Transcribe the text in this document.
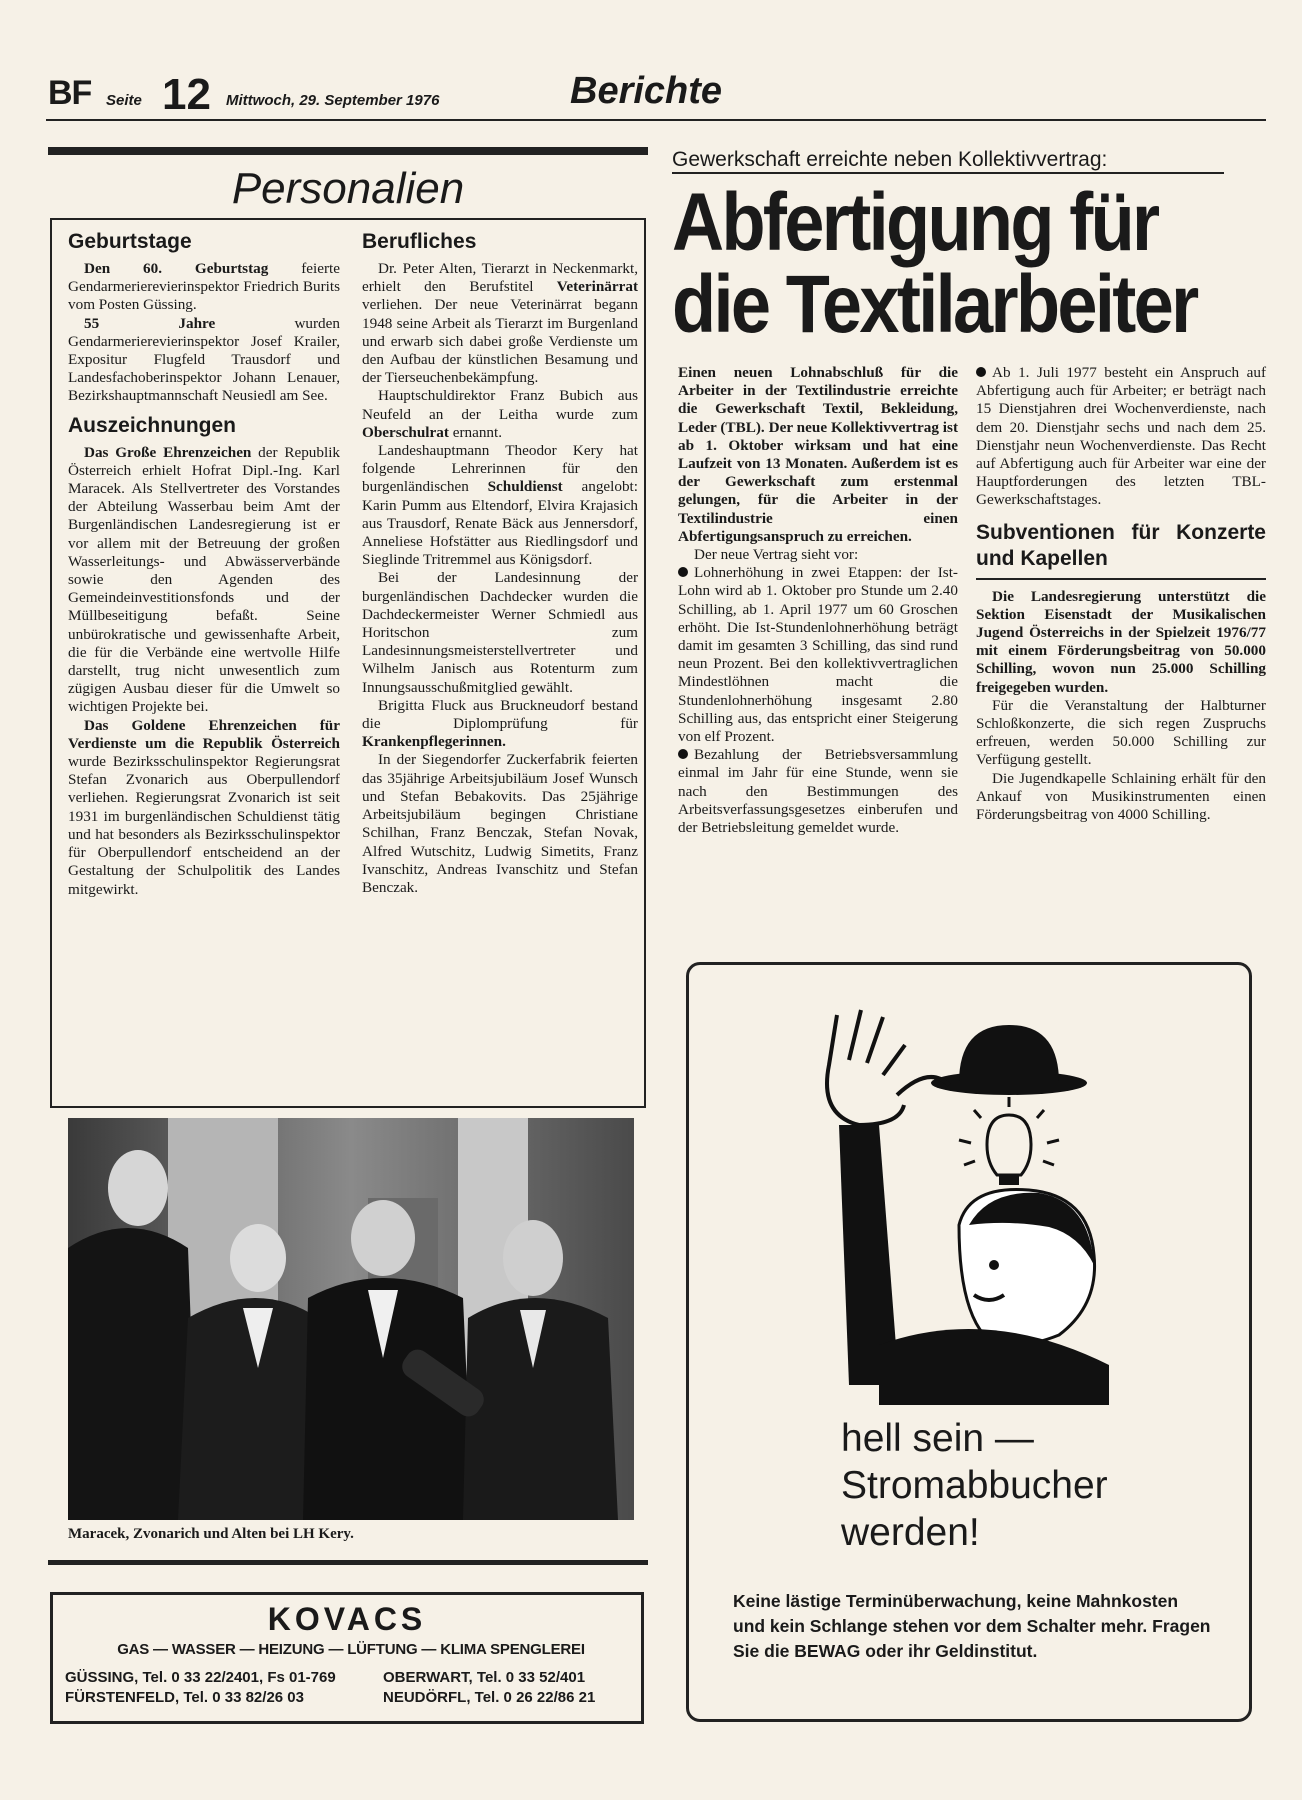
BF Seite 12 Mittwoch, 29. September 1976	Berichte
Personalien
Geburtstage

Den 60. Geburtstag feierte Gendarmerierevierinspektor Friedrich Burits vom Posten Güssing.

55 Jahre wurden Gendarmerierevierinspektor Josef Krailer, Expositur Flugfeld Trausdorf und Landesfachoberinspektor Johann Lenauer, Bezirkshauptmannschaft Neusiedl am See.

Auszeichnungen

Das Große Ehrenzeichen der Republik Österreich erhielt Hofrat Dipl.-Ing. Karl Maracek. Als Stellvertreter des Vorstandes der Abteilung Wasserbau beim Amt der Burgenländischen Landesregierung ist er vor allem mit der Betreuung der großen Wasserleitungs- und Abwässerverbände sowie den Agenden des Gemeindeinvestitionsfonds und der Müllbeseitigung befaßt. Seine unbürokratische und gewissenhafte Arbeit, die für die Verbände eine wertvolle Hilfe darstellt, trug nicht unwesentlich zum zügigen Ausbau dieser für die Umwelt so wichtigen Projekte bei.

Das Goldene Ehrenzeichen für Verdienste um die Republik Österreich wurde Bezirksschulinspektor Regierungsrat Stefan Zvonarich aus Oberpullendorf verliehen. Regierungsrat Zvonarich ist seit 1931 im burgenländischen Schuldienst tätig und hat besonders als Bezirksschulinspektor für Oberpullendorf entscheidend an der Gestaltung der Schulpolitik des Landes mitgewirkt.

Berufliches

Dr. Peter Alten, Tierarzt in Neckenmarkt, erhielt den Berufstitel Veterinärrat verliehen. Der neue Veterinärrat begann 1948 seine Arbeit als Tierarzt im Burgenland und erwarb sich dabei große Verdienste um den Aufbau der künstlichen Besamung und der Tierseuchenbekämpfung.

Hauptschuldirektor Franz Bubich aus Neufeld an der Leitha wurde zum Oberschulrat ernannt.

Landeshauptmann Theodor Kery hat folgende Lehrerinnen für den burgenländischen Schuldienst angelobt: Karin Pumm aus Eltendorf, Elvira Krajasich aus Trausdorf, Renate Bäck aus Jennersdorf, Anneliese Hofstätter aus Riedlingsdorf und Sieglinde Tritremmel aus Königsdorf.

Bei der Landesinnung der burgenländischen Dachdecker wurden die Dachdeckermeister Werner Schmiedl aus Horitschon zum Landesinnungsmeisterstellvertreter und Wilhelm Janisch aus Rotenturm zum Innungsausschußmitglied gewählt.

Brigitta Fluck aus Bruckneudorf bestand die Diplomprüfung für Krankenpflegerinnen.

In der Siegendorfer Zuckerfabrik feierten das 35jährige Arbeitsjubiläum Josef Wunsch und Stefan Bebakovits. Das 25jährige Arbeitsjubiläum begingen Christiane Schilhan, Franz Benczak, Stefan Novak, Alfred Wutschitz, Ludwig Simetits, Franz Ivanschitz, Andreas Ivanschitz und Stefan Benczak.

Maracek, Zvonarich und Alten bei LH Kery.
KOVACS
GAS — WASSER — HEIZUNG — LÜFTUNG — KLIMA SPENGLEREI
GÜSSING, Tel. 0 33 22/2401, Fs 01-769	OBERWART, Tel. 0 33 52/401
FÜRSTENFELD, Tel. 0 33 82/26 03	NEUDÖRFL, Tel. 0 26 22/86 21
Gewerkschaft erreichte neben Kollektivvertrag:
Abfertigung für
die Textilarbeiter

Einen neuen Lohnabschluß für die Arbeiter in der Textilindustrie erreichte die Gewerkschaft Textil, Bekleidung, Leder (TBL). Der neue Kollektivvertrag ist ab 1. Oktober wirksam und hat eine Laufzeit von 13 Monaten. Außerdem ist es der Gewerkschaft zum erstenmal gelungen, für die Arbeiter in der Textilindustrie einen Abfertigungsanspruch zu erreichen.

Der neue Vertrag sieht vor:

Lohnerhöhung in zwei Etappen: der Ist-Lohn wird ab 1. Oktober pro Stunde um 2.40 Schilling, ab 1. April 1977 um 60 Groschen erhöht. Die Ist-Stundenlohnerhöhung beträgt damit im gesamten 3 Schilling, das sind rund neun Prozent. Bei den kollektivvertraglichen Mindestlöhnen macht die Stundenlohnerhöhung insgesamt 2.80 Schilling aus, das entspricht einer Steigerung von elf Prozent.

Bezahlung der Betriebsversammlung einmal im Jahr für eine Stunde, wenn sie nach den Bestimmungen des Arbeitsverfassungsgesetzes einberufen und der Betriebsleitung gemeldet wurde.

Ab 1. Juli 1977 besteht ein Anspruch auf Abfertigung auch für Arbeiter; er beträgt nach 15 Dienstjahren drei Wochenverdienste, nach dem 20. Dienstjahr sechs und nach dem 25. Dienstjahr neun Wochenverdienste. Das Recht auf Abfertigung auch für Arbeiter war eine der Hauptforderungen des letzten TBL-Gewerkschaftstages.

Subventionen für Konzerte und Kapellen

Die Landesregierung unterstützt die Sektion Eisenstadt der Musikalischen Jugend Österreichs in der Spielzeit 1976/77 mit einem Förderungsbeitrag von 50.000 Schilling, wovon nun 25.000 Schilling freigegeben wurden.

Für die Veranstaltung der Halbturner Schloßkonzerte, die sich regen Zuspruchs erfreuen, werden 50.000 Schilling zur Verfügung gestellt.

Die Jugendkapelle Schlaining erhält für den Ankauf von Musikinstrumenten einen Förderungsbeitrag von 4000 Schilling.

hell sein —
Stromabbucher
werden!
Keine lästige Terminüberwachung, keine Mahnkosten und kein Schlange stehen vor dem Schalter mehr. Fragen Sie die BEWAG oder ihr Geldinstitut.
